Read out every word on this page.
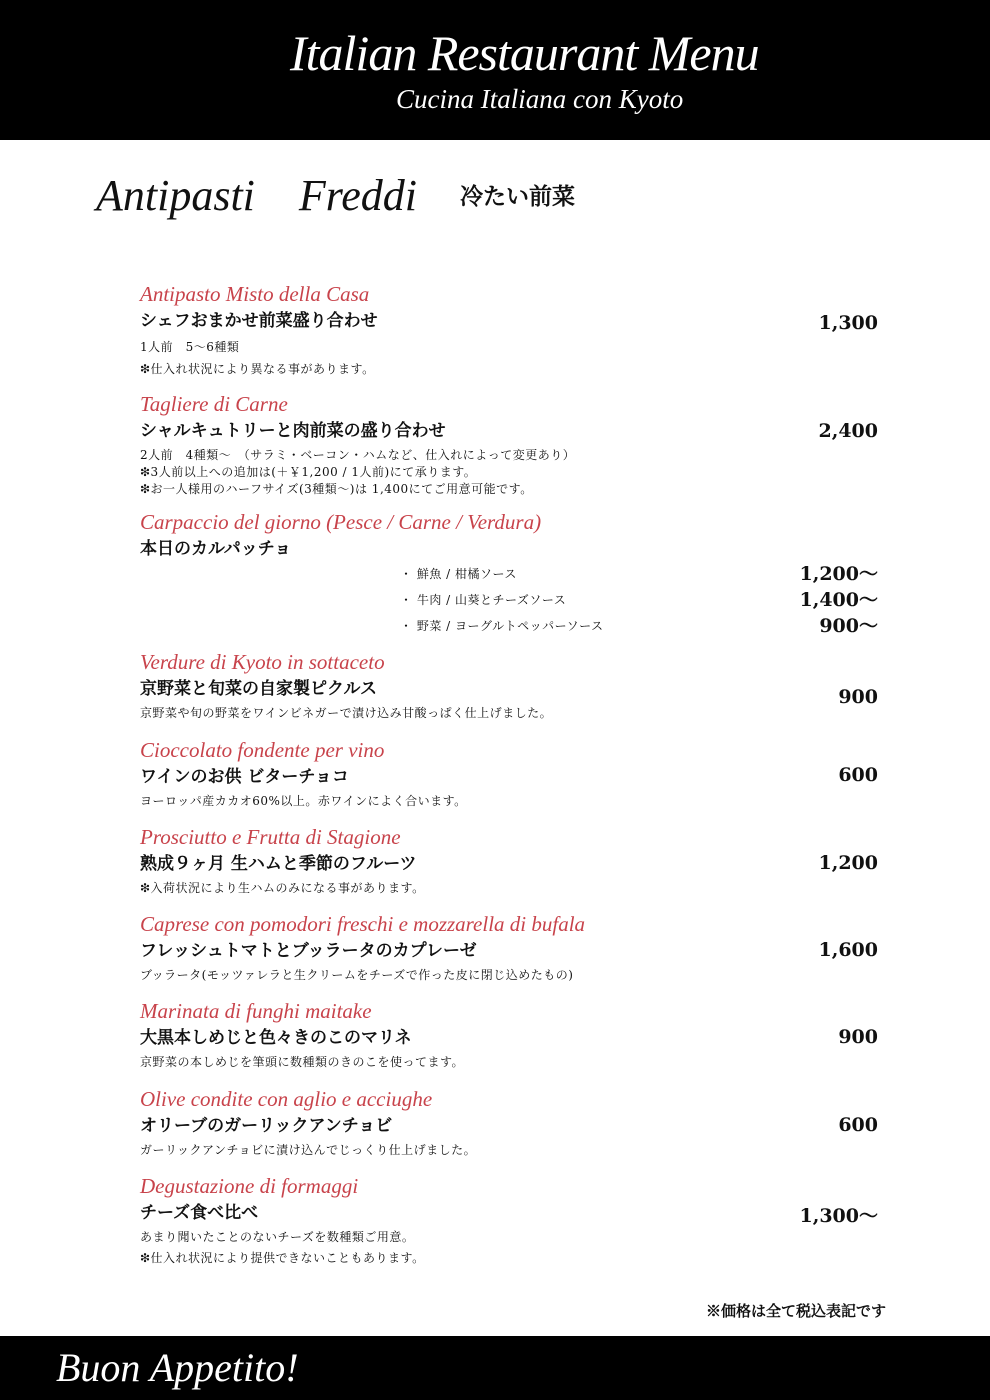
Italian Restaurant Menu
Cucina Italiana con Kyoto
Antipasti Freddi	冷たい前菜
Antipasto Misto della Casa
シェフおまかせ前菜盛り合わせ
1人前　5〜6種類
❇︎仕入れ状況により異なる事があります。
1,300
Tagliere di Carne
シャルキュトリーと肉前菜の盛り合わせ
2人前　4種類〜　（サラミ・ベーコン・ハムなど、仕入れによって変更あり）
❇︎3人前以上への追加は(＋￥1,200 / 1人前)にて承ります。
❇︎お一人様用のハーフサイズ(3種類〜)は 1,400にてご用意可能です。
2,400
Carpaccio del giorno (Pesce / Carne / Verdura)
本日のカルパッチョ
・ 鮮魚 / 柑橘ソース	1,200〜
・ 牛肉 / 山葵とチーズソース	1,400〜
・ 野菜 / ヨーグルトペッパーソース	900〜
Verdure di Kyoto in sottaceto
京野菜と旬菜の自家製ピクルス
京野菜や旬の野菜をワインビネガーで漬け込み甘酸っぱく仕上げました。
900
Cioccolato fondente per vino
ワインのお供 ビターチョコ
ヨーロッパ産カカオ60%以上。赤ワインによく合います。
600
Prosciutto e Frutta di Stagione
熟成９ヶ月 生ハムと季節のフルーツ
❇︎入荷状況により生ハムのみになる事があります。
1,200
Caprese con pomodori freschi e mozzarella di bufala
フレッシュトマトとブッラータのカプレーゼ
ブッラータ(モッツァレラと生クリームをチーズで作った皮に閉じ込めたもの)
1,600
Marinata di funghi maitake
大黒本しめじと色々きのこのマリネ
京野菜の本しめじを筆頭に数種類のきのこを使ってます。
900
Olive condite con aglio e acciughe
オリーブのガーリックアンチョビ
ガーリックアンチョビに漬け込んでじっくり仕上げました。
600
Degustazione di formaggi
チーズ食べ比べ
あまり聞いたことのないチーズを数種類ご用意。
❇︎仕入れ状況により提供できないこともあります。
1,300〜
※価格は全て税込表記です
Buon Appetito!
